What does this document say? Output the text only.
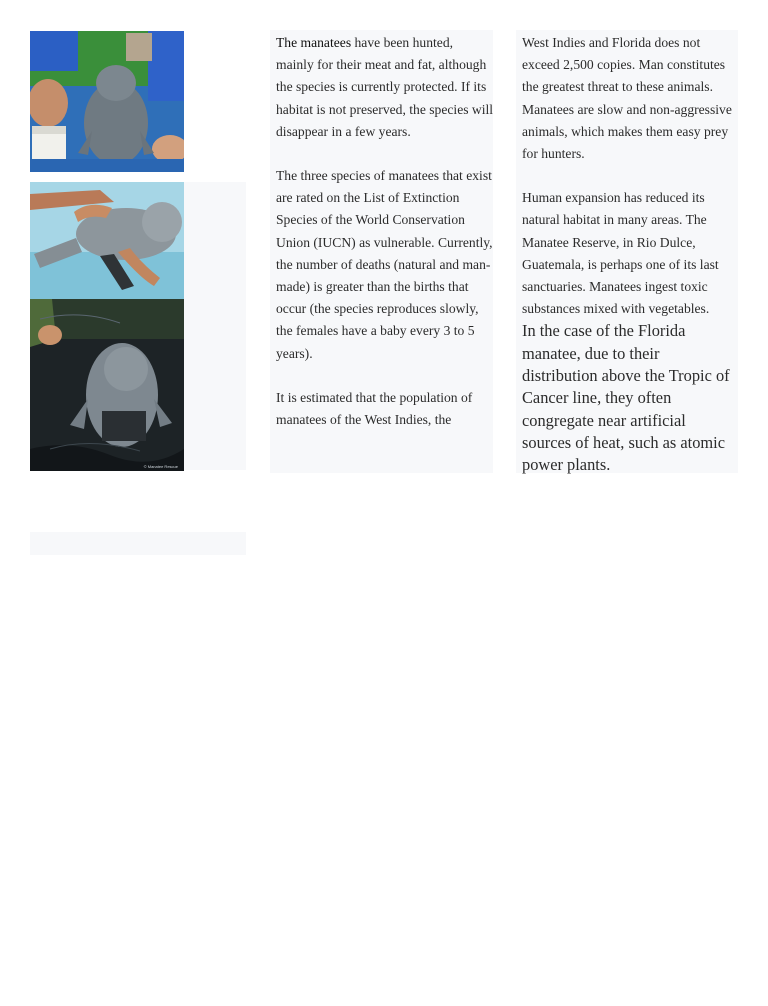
© Manatee Rescue

The manatees have been hunted, mainly for their meat and fat, although the species is currently protected. If its habitat is not preserved, the species will disappear in a few years.

The three species of manatees that exist are rated on the List of Extinction Species of the World Conservation Union (IUCN) as vulnerable. Currently, the number of deaths (natural and man-made) is greater than the births that occur (the species reproduces slowly, the females have a baby every 3 to 5 years).

It is estimated that the population of manatees of the West Indies, the

West Indies and Florida does not exceed 2,500 copies. Man constitutes the greatest threat to these animals. Manatees are slow and non-aggressive animals, which makes them easy prey for hunters.

Human expansion has reduced its natural habitat in many areas. The Manatee Reserve, in Rio Dulce, Guatemala, is perhaps one of its last sanctuaries. Manatees ingest toxic substances mixed with vegetables.

In the case of the Florida manatee, due to their distribution above the Tropic of Cancer line, they often congregate near artificial sources of heat, such as atomic power plants.
